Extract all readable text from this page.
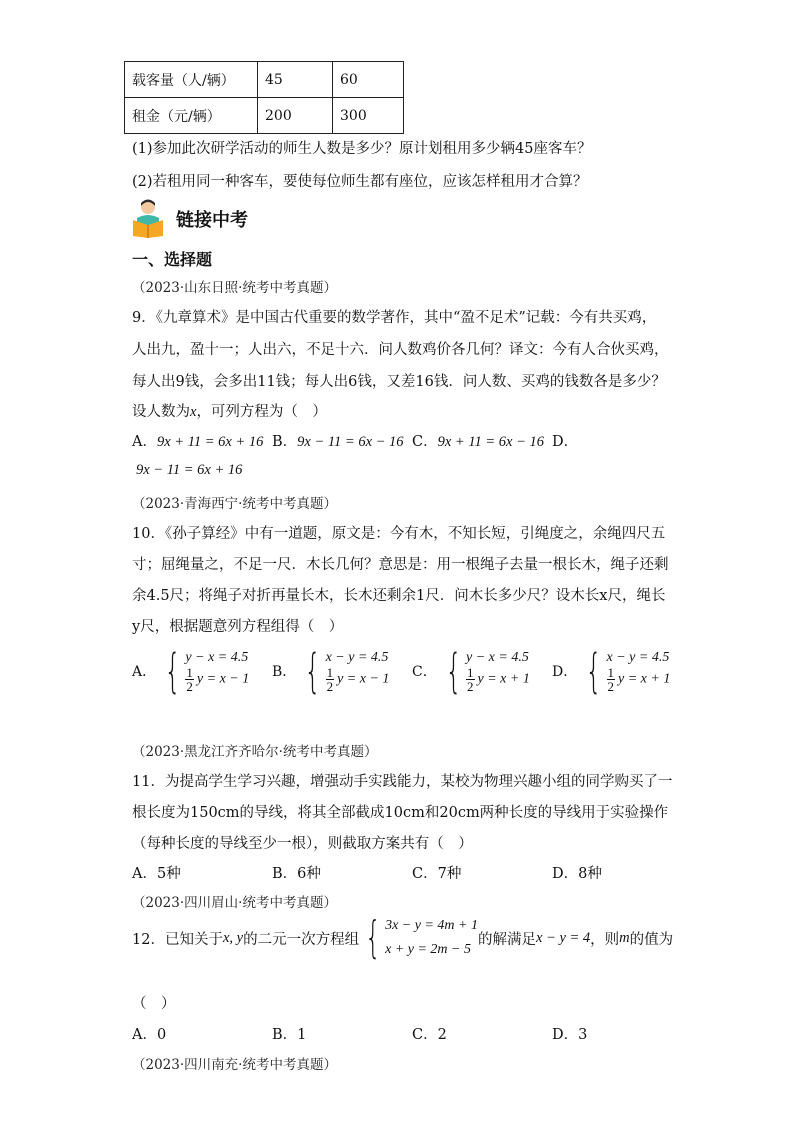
载客量（人/辆）	45	60
租金（元/辆）	200	300
(1)参加此次研学活动的师生人数是多少？原计划租用多少辆45座客车？
(2)若租用同一种客车，要使每位师生都有座位，应该怎样租用才合算？
链接中考
一、选择题
（2023·山东日照·统考中考真题）
9．《九章算术》是中国古代重要的数学著作，其中“盈不足术”记载：今有共买鸡，
人出九，盈十一；人出六，不足十六．问人数鸡价各几何？译文：今有人合伙买鸡，
每人出9钱，会多出11钱；每人出6钱，又差16钱．问人数、买鸡的钱数各是多少？
设人数为x，可列方程为（　）
A．9x + 11 = 6x + 16 B．9x − 11 = 6x − 16 C．9x + 11 = 6x − 16 D．
9x − 11 = 6x + 16
（2023·青海西宁·统考中考真题）
10．《孙子算经》中有一道题，原文是：今有木，不知长短，引绳度之，余绳四尺五
寸；屈绳量之，不足一尺．木长几何？意思是：用一根绳子去量一根长木，绳子还剩
余4.5尺；将绳子对折再量长木，长木还剩余1尺．问木长多少尺？设木长x尺，绳长
y尺，根据题意列方程组得（　）
A． { y − x = 4.5
$\frac{1}{2}$ y = x − 1 B． { x − y = 4.5
$\frac{1}{2}$ y = x − 1 C． { y − x = 4.5
$\frac{1}{2}$ y = x + 1 D． { x − y = 4.5
$\frac{1}{2}$ y = x + 1
（2023·黑龙江齐齐哈尔·统考中考真题）
11．为提高学生学习兴趣，增强动手实践能力，某校为物理兴趣小组的同学购买了一
根长度为150cm的导线，将其全部截成10cm和20cm两种长度的导线用于实验操作
（每种长度的导线至少一根），则截取方案共有（　）
A．5种	B．6种	C．7种	D．8种
（2023·四川眉山·统考中考真题）
12．已知关于 x, y 的二元一次方程组 { 3x − y = 4m + 1
x + y = 2m − 5
的解满足 x − y = 4 ，则 m 的值为
（　）
A．0	B．1	C．2	D．3
（2023·四川南充·统考中考真题）
